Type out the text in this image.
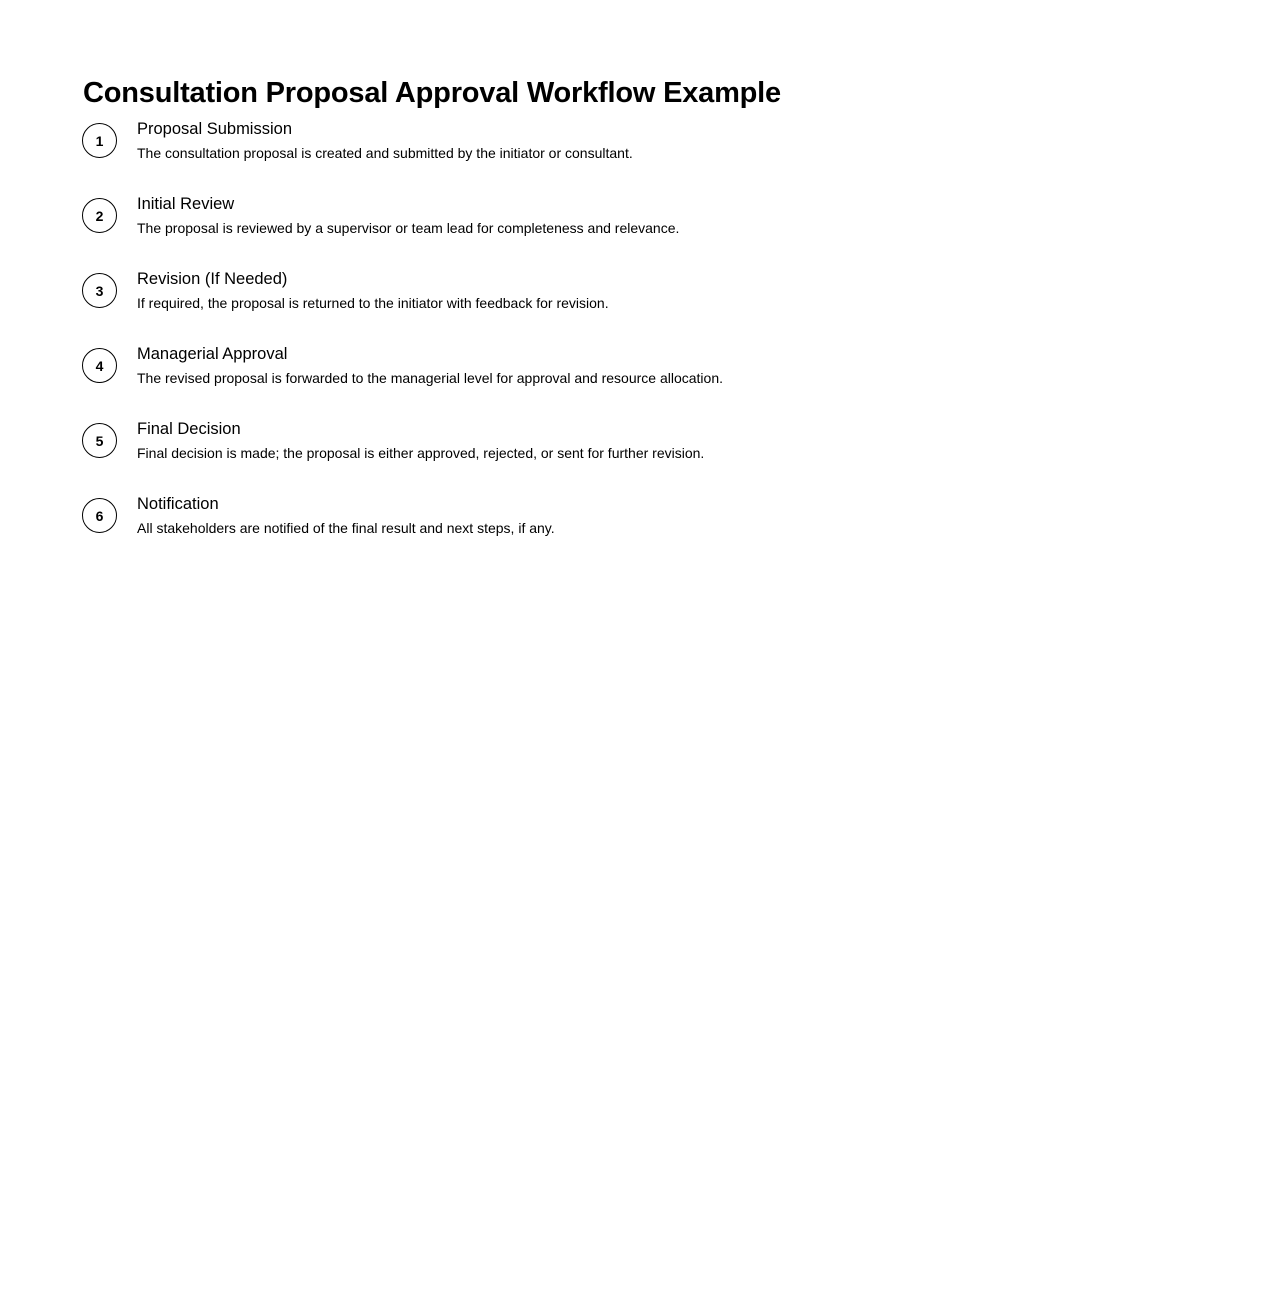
Consultation Proposal Approval Workflow Example
1
Proposal Submission
The consultation proposal is created and submitted by the initiator or consultant.
2
Initial Review
The proposal is reviewed by a supervisor or team lead for completeness and relevance.
3
Revision (If Needed)
If required, the proposal is returned to the initiator with feedback for revision.
4
Managerial Approval
The revised proposal is forwarded to the managerial level for approval and resource allocation.
5
Final Decision
Final decision is made; the proposal is either approved, rejected, or sent for further revision.
6
Notification
All stakeholders are notified of the final result and next steps, if any.
